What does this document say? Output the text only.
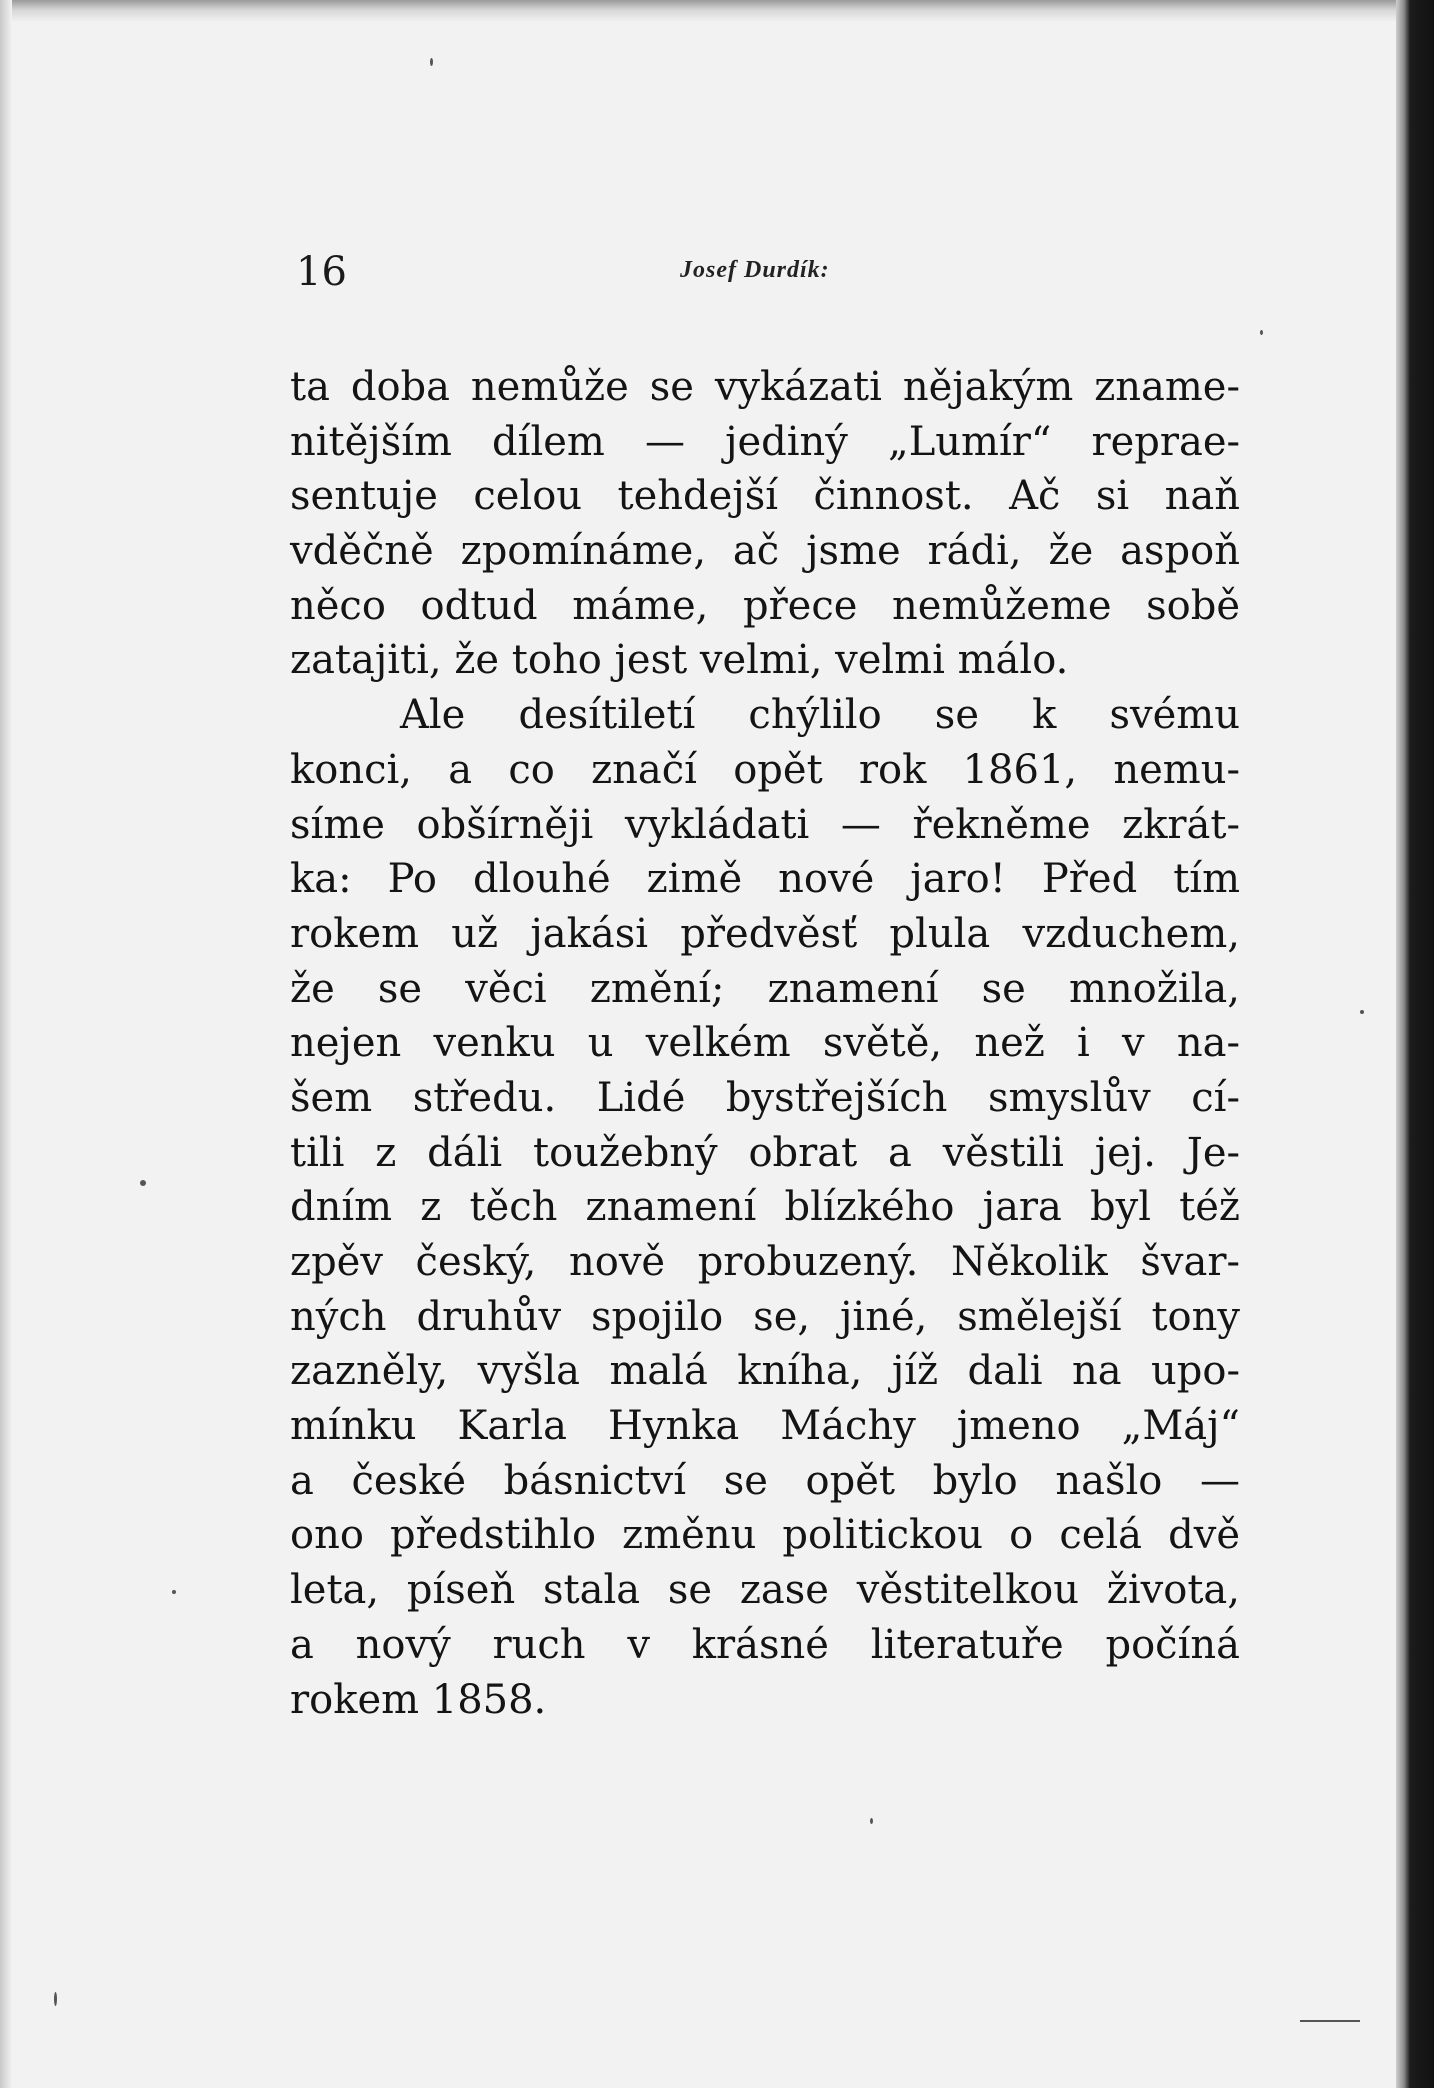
16	Josef Durdík:
ta doba nemůže se vykázati nějakým zname-
nitějším dílem — jediný „Lumír“ reprae-
sentuje celou tehdejší činnost. Ač si naň
vděčně zpomínáme, ač jsme rádi, že aspoň
něco odtud máme, přece nemůžeme sobě
zatajiti, že toho jest velmi, velmi málo.
Ale desítiletí chýlilo se k svému
konci, a co značí opět rok 1861, nemu-
síme obšírněji vykládati — řekněme zkrát-
ka: Po dlouhé zimě nové jaro! Před tím
rokem už jakási předvěsť plula vzduchem,
že se věci změní; znamení se množila,
nejen venku u velkém světě, než i v na-
šem středu. Lidé bystřejších smyslův cí-
tili z dáli toužebný obrat a věstili jej. Je-
dním z těch znamení blízkého jara byl též
zpěv český, nově probuzený. Několik švar-
ných druhův spojilo se, jiné, smělejší tony
zazněly, vyšla malá kníha, jíž dali na upo-
mínku Karla Hynka Máchy jmeno „Máj“
a české básnictví se opět bylo našlo —
ono předstihlo změnu politickou o celá dvě
leta, píseň stala se zase věstitelkou života,
a nový ruch v krásné literatuře počíná
rokem 1858.
